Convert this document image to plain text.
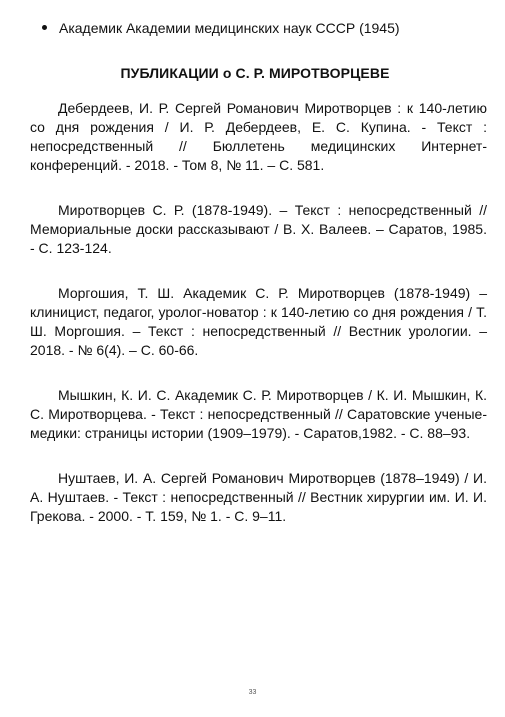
Академик Академии медицинских наук СССР (1945)
ПУБЛИКАЦИИ о С. Р. МИРОТВОРЦЕВЕ

Дебердеев, И. Р. Сергей Романович Миротворцев : к 140-летию со дня рождения / И. Р. Дебердеев, Е. С. Купина. - Текст : непосредственный // Бюллетень медицинских Интернет-конференций. - 2018. - Том 8, № 11. – С. 581.

Миротворцев С. Р. (1878-1949). – Текст : непосредственный // Мемориальные доски рассказывают / В. Х. Валеев. – Саратов, 1985. - С. 123-124.

Моргошия, Т. Ш. Академик С. Р. Миротворцев (1878-1949) – клиницист, педагог, уролог-новатор : к 140-летию со дня рождения / Т. Ш. Моргошия. – Текст : непосредственный // Вестник урологии. – 2018. - № 6(4). – С. 60-66.

Мышкин, К. И. С. Академик С. Р. Миротворцев / К. И. Мышкин, К. С. Миротворцева. - Текст : непосредственный // Саратовские ученые-медики: страницы истории (1909–1979). - Саратов,1982. - С. 88–93.

Нуштаев, И. А. Сергей Романович Миротворцев (1878–1949) / И. А. Нуштаев. - Текст : непосредственный // Вестник хирургии им. И. И. Грекова. - 2000. - Т. 159, № 1. - С. 9–11.

33
